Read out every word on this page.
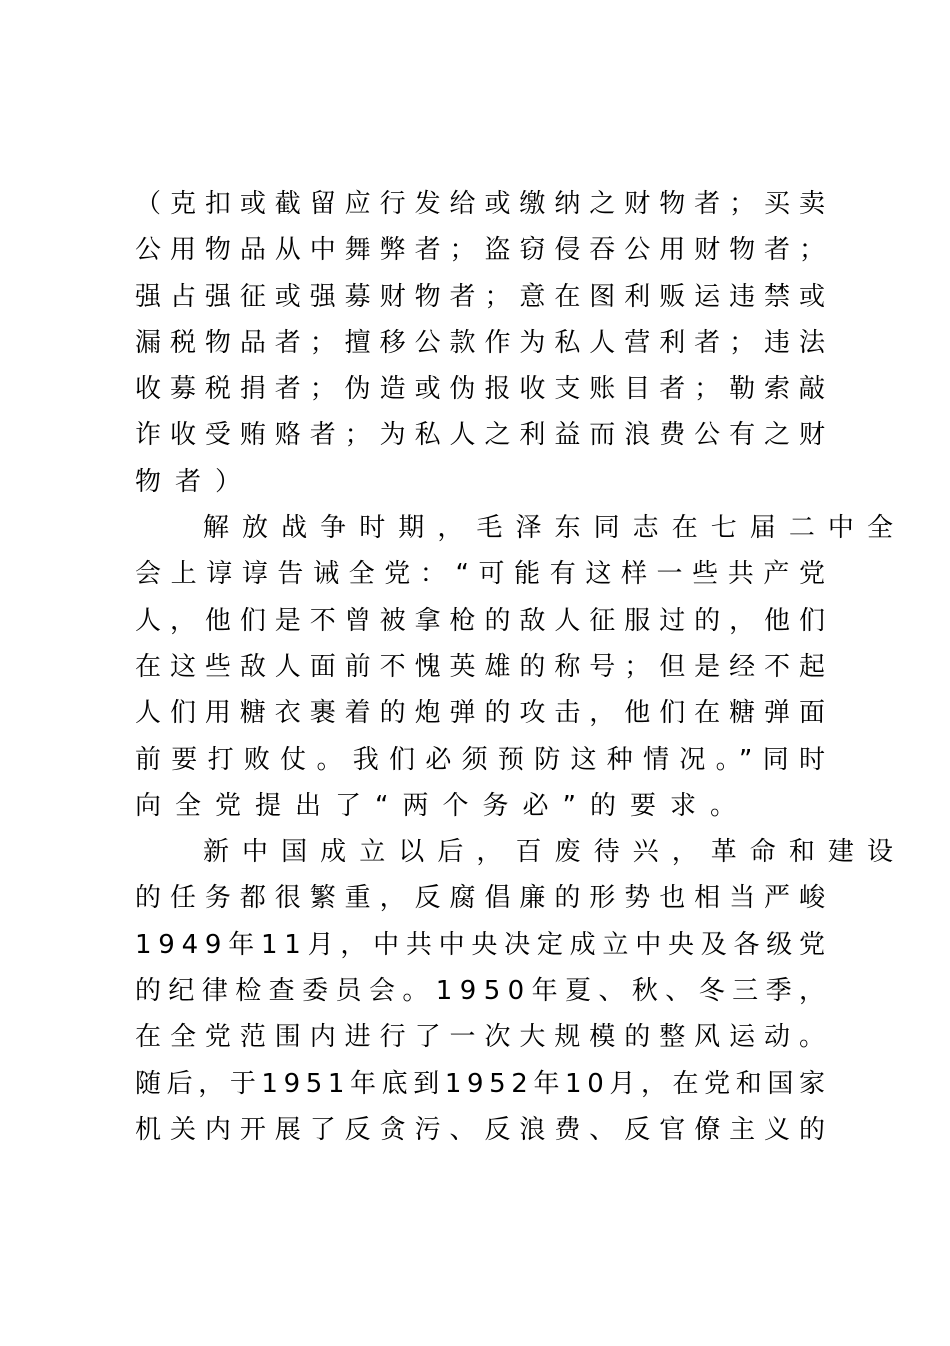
（克扣或截留应行发给或缴纳之财物者；买卖
公用物品从中舞弊者；盗窃侵吞公用财物者；
强占强征或强募财物者；意在图利贩运违禁或
漏税物品者；擅移公款作为私人营利者；违法
收募税捐者；伪造或伪报收支账目者；勒索敲
诈收受贿赂者；为私人之利益而浪费公有之财
物者）
解放战争时期，毛泽东同志在七届二中全
会上谆谆告诫全党：“可能有这样一些共产党
人，他们是不曾被拿枪的敌人征服过的，他们
在这些敌人面前不愧英雄的称号；但是经不起
人们用糖衣裹着的炮弹的攻击，他们在糖弹面
前要打败仗。我们必须预防这种情况。”同时
向全党提出了“两个务必”的要求。
新中国成立以后，百废待兴，革命和建设
的任务都很繁重，反腐倡廉的形势也相当严峻
1949年11月，中共中央决定成立中央及各级党
的纪律检查委员会。1950年夏、秋、冬三季，
在全党范围内进行了一次大规模的整风运动。
随后，于1951年底到1952年10月，在党和国家
机关内开展了反贪污、反浪费、反官僚主义的
